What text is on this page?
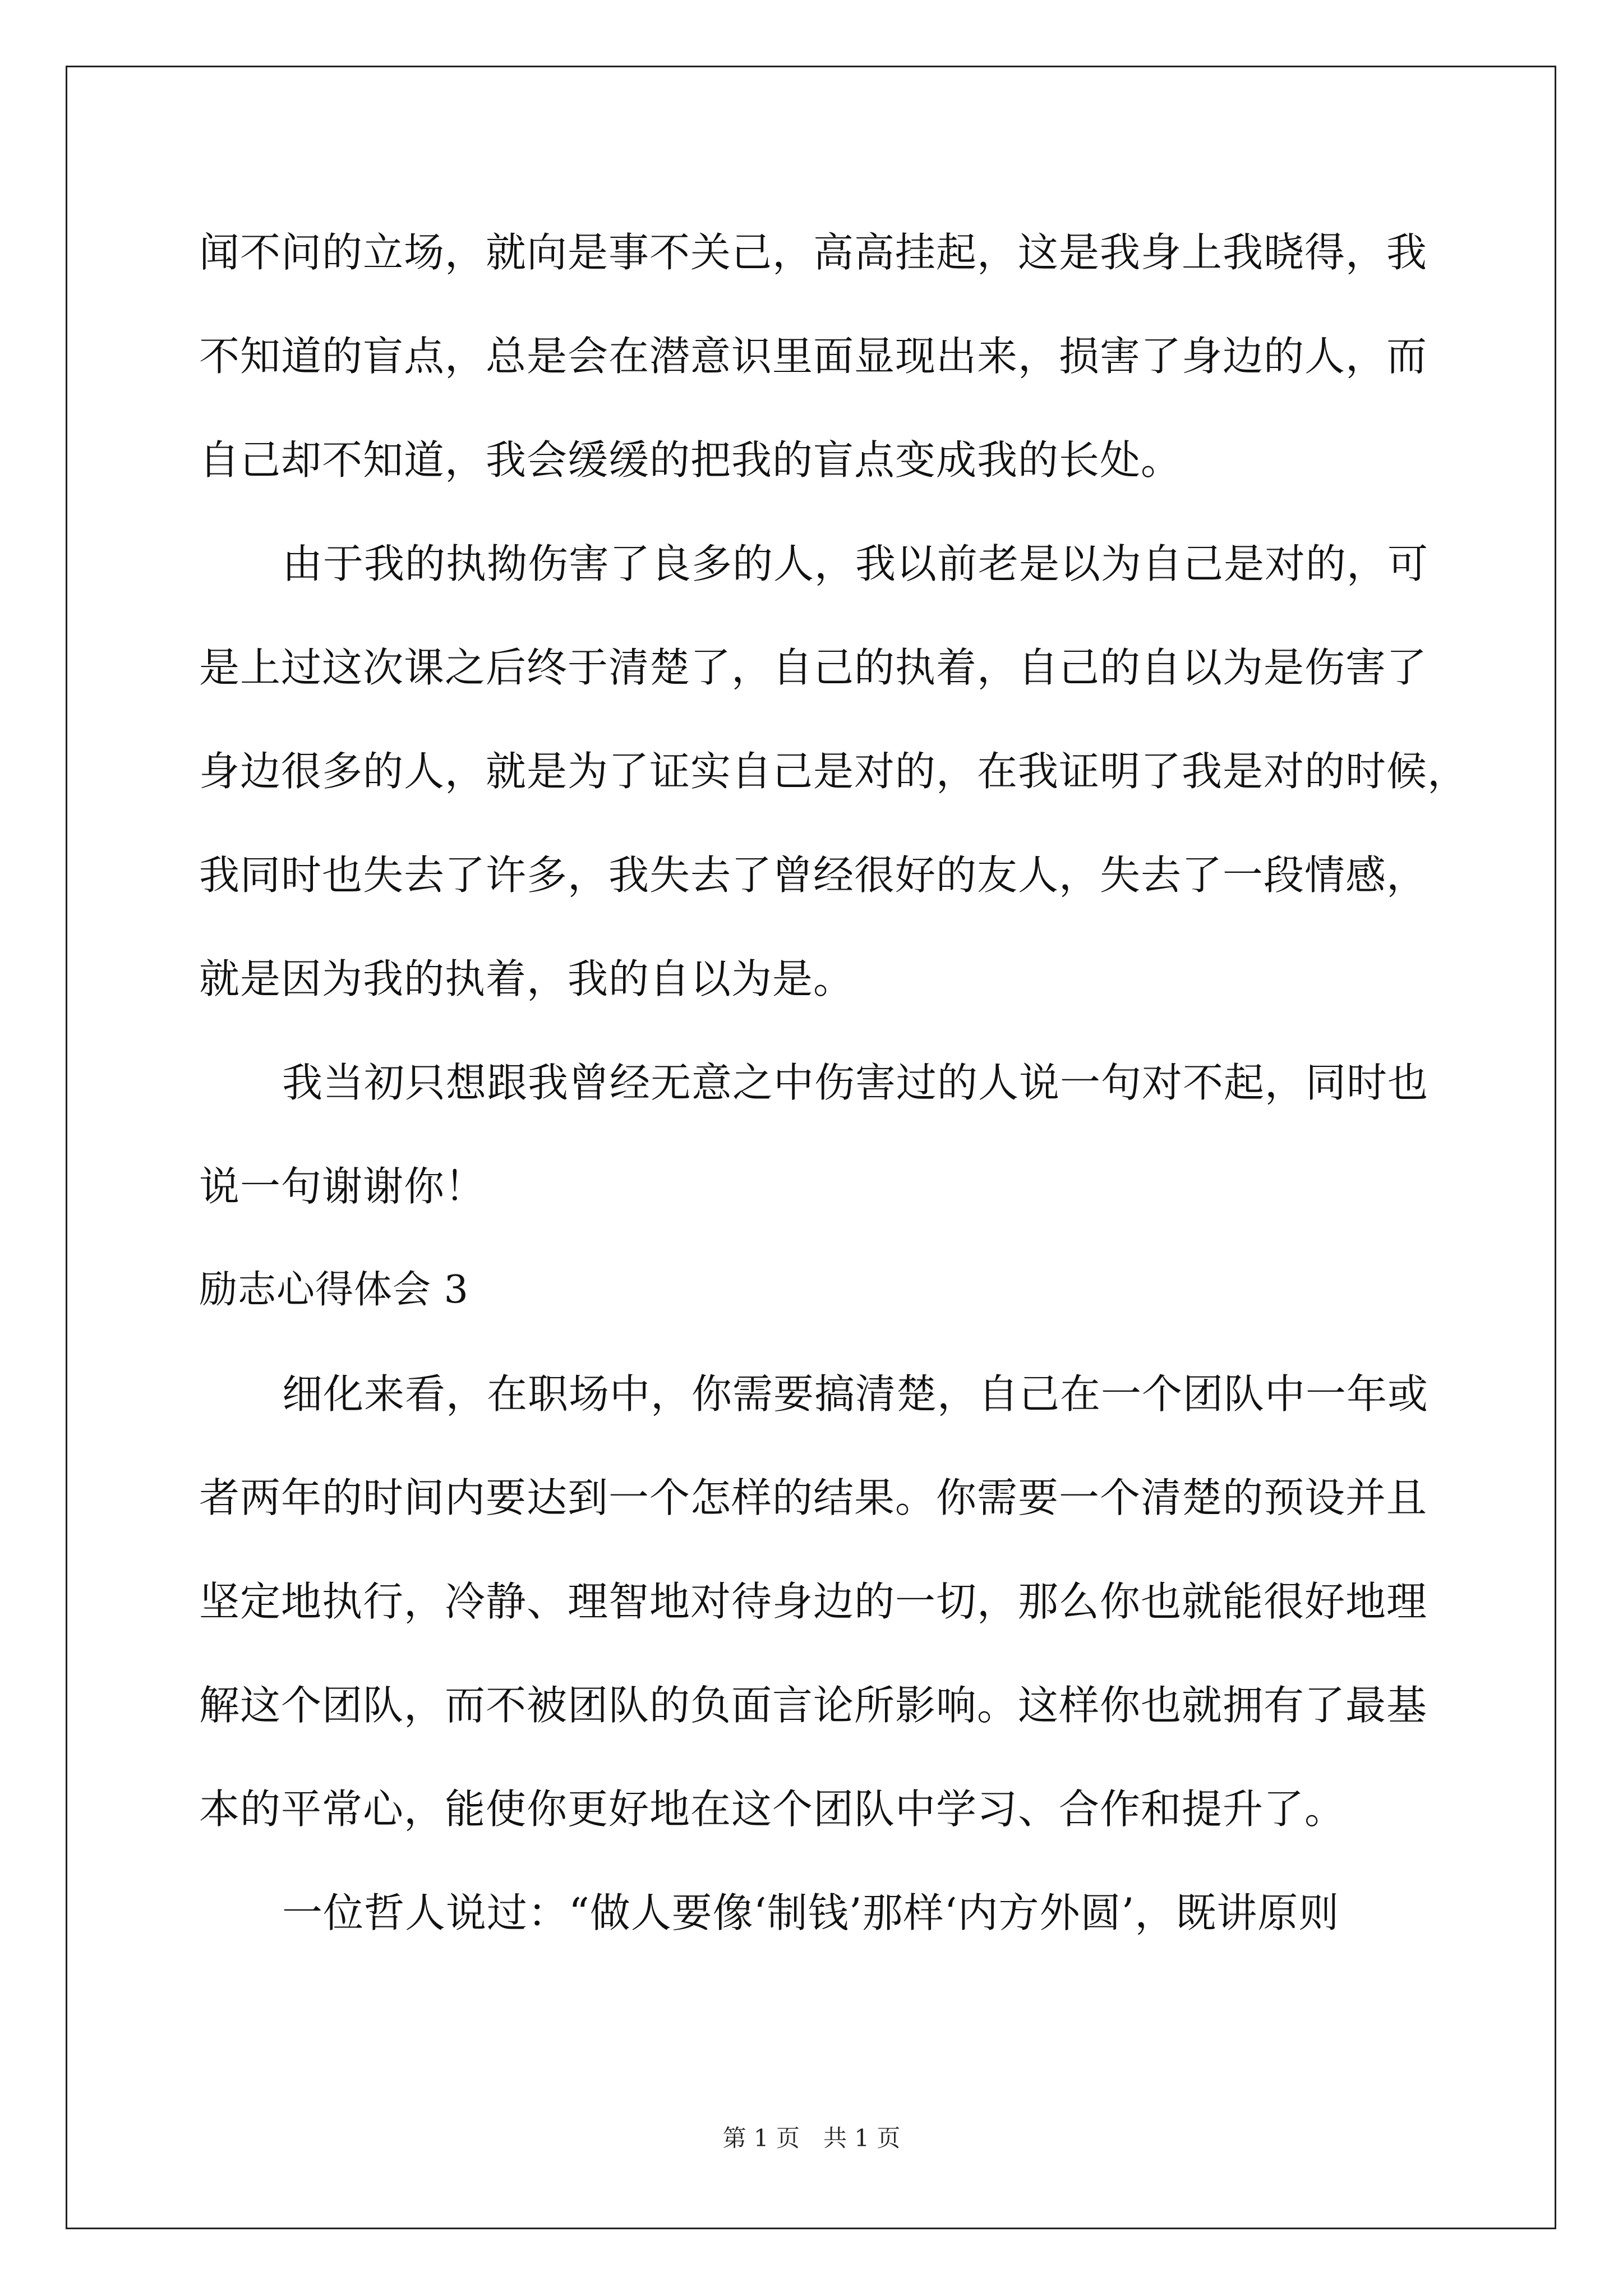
闻不问的立场，就向是事不关己，高高挂起，这是我身上我晓得，我
不知道的盲点，总是会在潜意识里面显现出来，损害了身边的人，而
自己却不知道，我会缓缓的把我的盲点变成我的长处。
由于我的执拗伤害了良多的人，我以前老是以为自己是对的，可
是上过这次课之后终于清楚了，自己的执着，自己的自以为是伤害了
身边很多的人，就是为了证实自己是对的，在我证明了我是对的时候，
我同时也失去了许多，我失去了曾经很好的友人，失去了一段情感，
就是因为我的执着，我的自以为是。
我当初只想跟我曾经无意之中伤害过的人说一句对不起，同时也
说一句谢谢你！
励志心得体会 3
细化来看，在职场中，你需要搞清楚，自己在一个团队中一年或
者两年的时间内要达到一个怎样的结果。你需要一个清楚的预设并且
坚定地执行，冷静、理智地对待身边的一切，那么你也就能很好地理
解这个团队，而不被团队的负面言论所影响。这样你也就拥有了最基
本的平常心，能使你更好地在这个团队中学习、合作和提升了。
一位哲人说过：“做人要像‘制钱’那样‘内方外圆’，既讲原则
第 1 页　共 1 页
